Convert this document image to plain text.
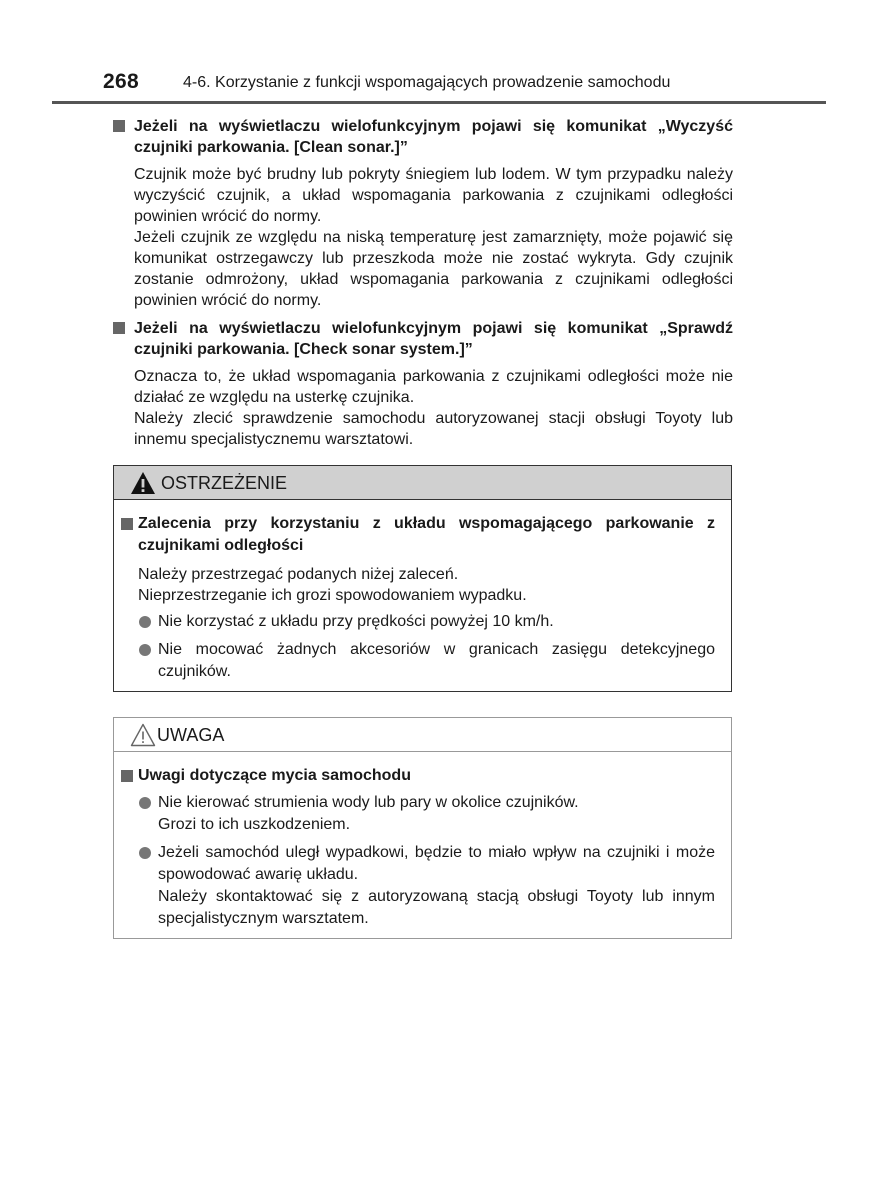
268	4-6. Korzystanie z funkcji wspomagających prowadzenie samochodu
Jeżeli na wyświetlaczu wielofunkcyjnym pojawi się komunikat „Wyczyść czujniki parkowania. [Clean sonar.]”

Czujnik może być brudny lub pokryty śniegiem lub lodem. W tym przypadku należy wyczyścić czujnik, a układ wspomagania parkowania z czujnikami odległości powinien wrócić do normy.

Jeżeli czujnik ze względu na niską temperaturę jest zamarznięty, może pojawić się komunikat ostrzegawczy lub przeszkoda może nie zostać wykryta. Gdy czujnik zostanie odmrożony, układ wspomagania parkowania z czujnikami odległości powinien wrócić do normy.

Jeżeli na wyświetlaczu wielofunkcyjnym pojawi się komunikat „Sprawdź czujniki parkowania. [Check sonar system.]”

Oznacza to, że układ wspomagania parkowania z czujnikami odległości może nie działać ze względu na usterkę czujnika.

Należy zlecić sprawdzenie samochodu autoryzowanej stacji obsługi Toyoty lub innemu specjalistycznemu warsztatowi.

OSTRZEŻENIE
Zalecenia przy korzystaniu z układu wspomagającego parkowanie z czujnikami odległości

Należy przestrzegać podanych niżej zaleceń.

Nieprzestrzeganie ich grozi spowodowaniem wypadku.

Nie korzystać z układu przy prędkości powyżej 10 km/h.
Nie mocować żadnych akcesoriów w granicach zasięgu detekcyjnego czujników.
UWAGA
Uwagi dotyczące mycia samochodu
Nie kierować strumienia wody lub pary w okolice czujników.
Grozi to ich uszkodzeniem.
Jeżeli samochód uległ wypadkowi, będzie to miało wpływ na czujniki i może spowodować awarię układu.
Należy skontaktować się z autoryzowaną stacją obsługi Toyoty lub innym specjalistycznym warsztatem.
